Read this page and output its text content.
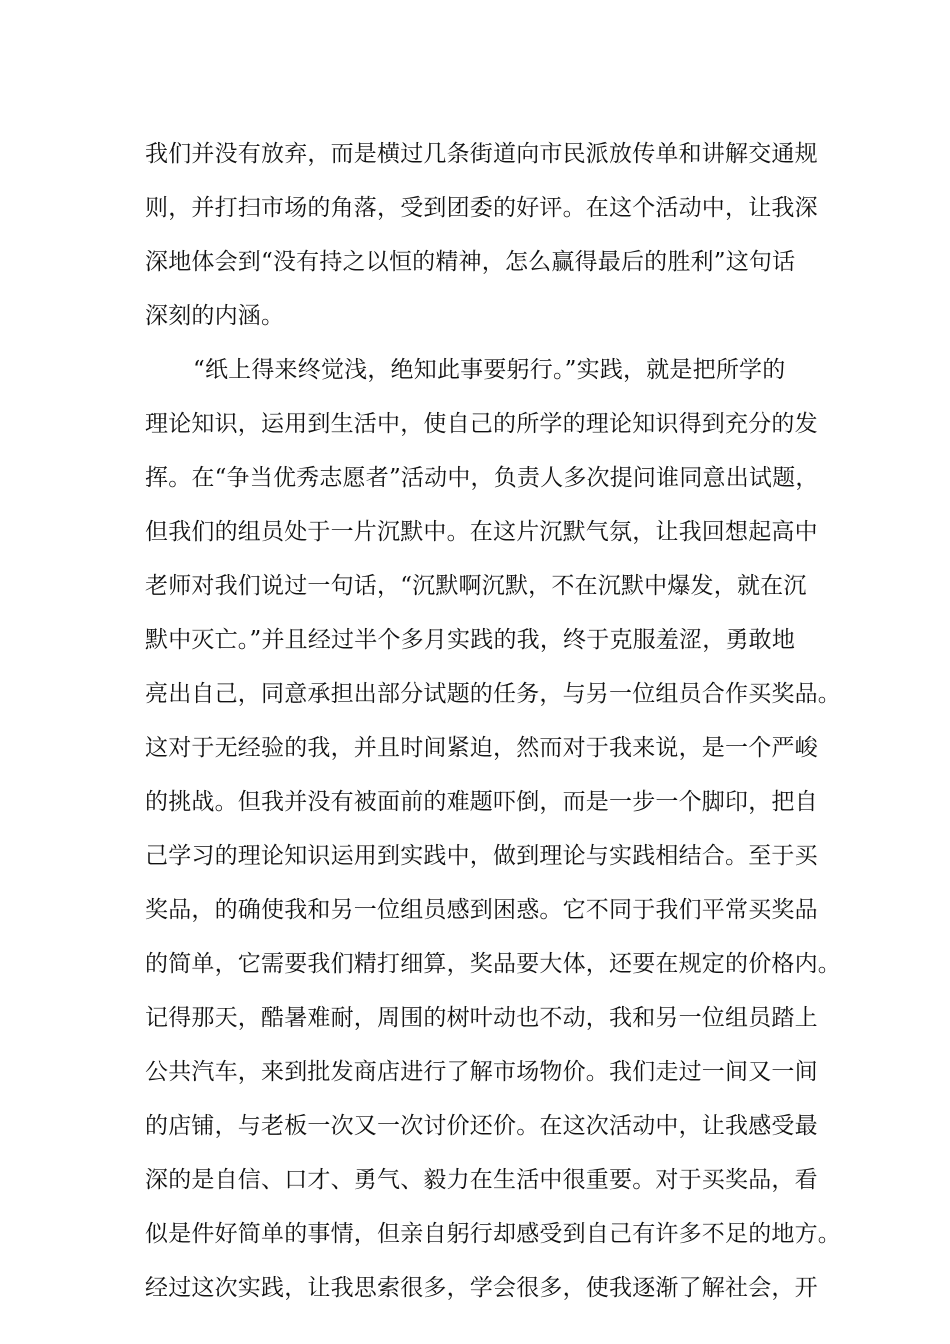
我们并没有放弃，而是横过几条街道向市民派放传单和讲解交通规
则，并打扫市场的角落，受到团委的好评。在这个活动中，让我深
深地体会到“没有持之以恒的精神，怎么赢得最后的胜利”这句话
深刻的内涵。
“纸上得来终觉浅，绝知此事要躬行。”实践，就是把所学的
理论知识，运用到生活中，使自己的所学的理论知识得到充分的发
挥。在“争当优秀志愿者”活动中，负责人多次提问谁同意出试题，
但我们的组员处于一片沉默中。在这片沉默气氛，让我回想起高中
老师对我们说过一句话，“沉默啊沉默，不在沉默中爆发，就在沉
默中灭亡。”并且经过半个多月实践的我，终于克服羞涩，勇敢地
亮出自己，同意承担出部分试题的任务，与另一位组员合作买奖品。
这对于无经验的我，并且时间紧迫，然而对于我来说，是一个严峻
的挑战。但我并没有被面前的难题吓倒，而是一步一个脚印，把自
己学习的理论知识运用到实践中，做到理论与实践相结合。至于买
奖品，的确使我和另一位组员感到困惑。它不同于我们平常买奖品
的简单，它需要我们精打细算，奖品要大体，还要在规定的价格内。
记得那天，酷暑难耐，周围的树叶动也不动，我和另一位组员踏上
公共汽车，来到批发商店进行了解市场物价。我们走过一间又一间
的店铺，与老板一次又一次讨价还价。在这次活动中，让我感受最
深的是自信、口才、勇气、毅力在生活中很重要。对于买奖品，看
似是件好简单的事情，但亲自躬行却感受到自己有许多不足的地方。
经过这次实践，让我思索很多，学会很多，使我逐渐了解社会，开
